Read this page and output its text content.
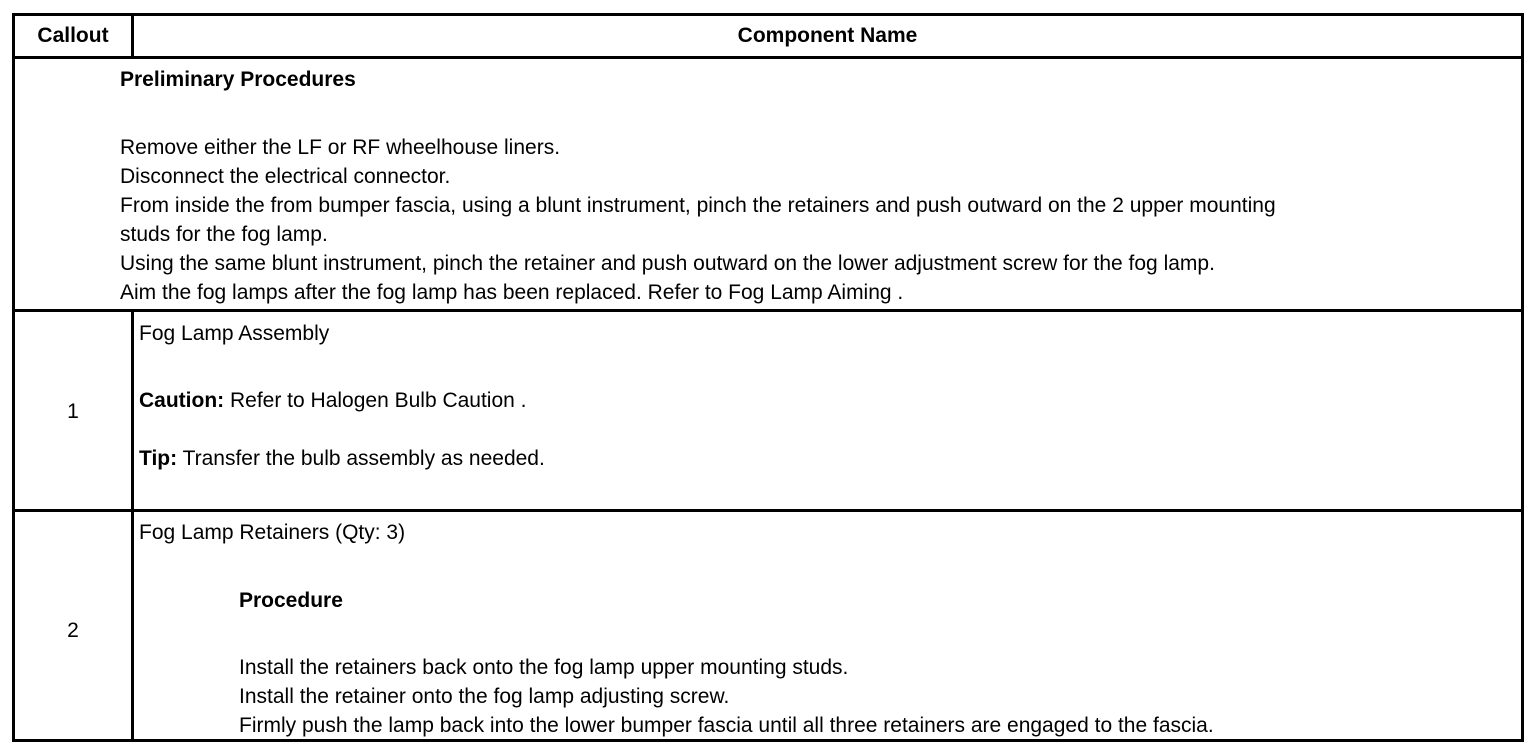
Callout	Component Name
Preliminary Procedures
Remove either the LF or RF wheelhouse liners.
Disconnect the electrical connector.
From inside the from bumper fascia, using a blunt instrument, pinch the retainers and push outward on the 2 upper mounting
studs for the fog lamp.
Using the same blunt instrument, pinch the retainer and push outward on the lower adjustment screw for the fog lamp.
Aim the fog lamps after the fog lamp has been replaced. Refer to Fog Lamp Aiming .
1
Fog Lamp Assembly
Caution: Refer to Halogen Bulb Caution .
Tip: Transfer the bulb assembly as needed.
2
Fog Lamp Retainers (Qty: 3)
Procedure
Install the retainers back onto the fog lamp upper mounting studs.
Install the retainer onto the fog lamp adjusting screw.
Firmly push the lamp back into the lower bumper fascia until all three retainers are engaged to the fascia.
